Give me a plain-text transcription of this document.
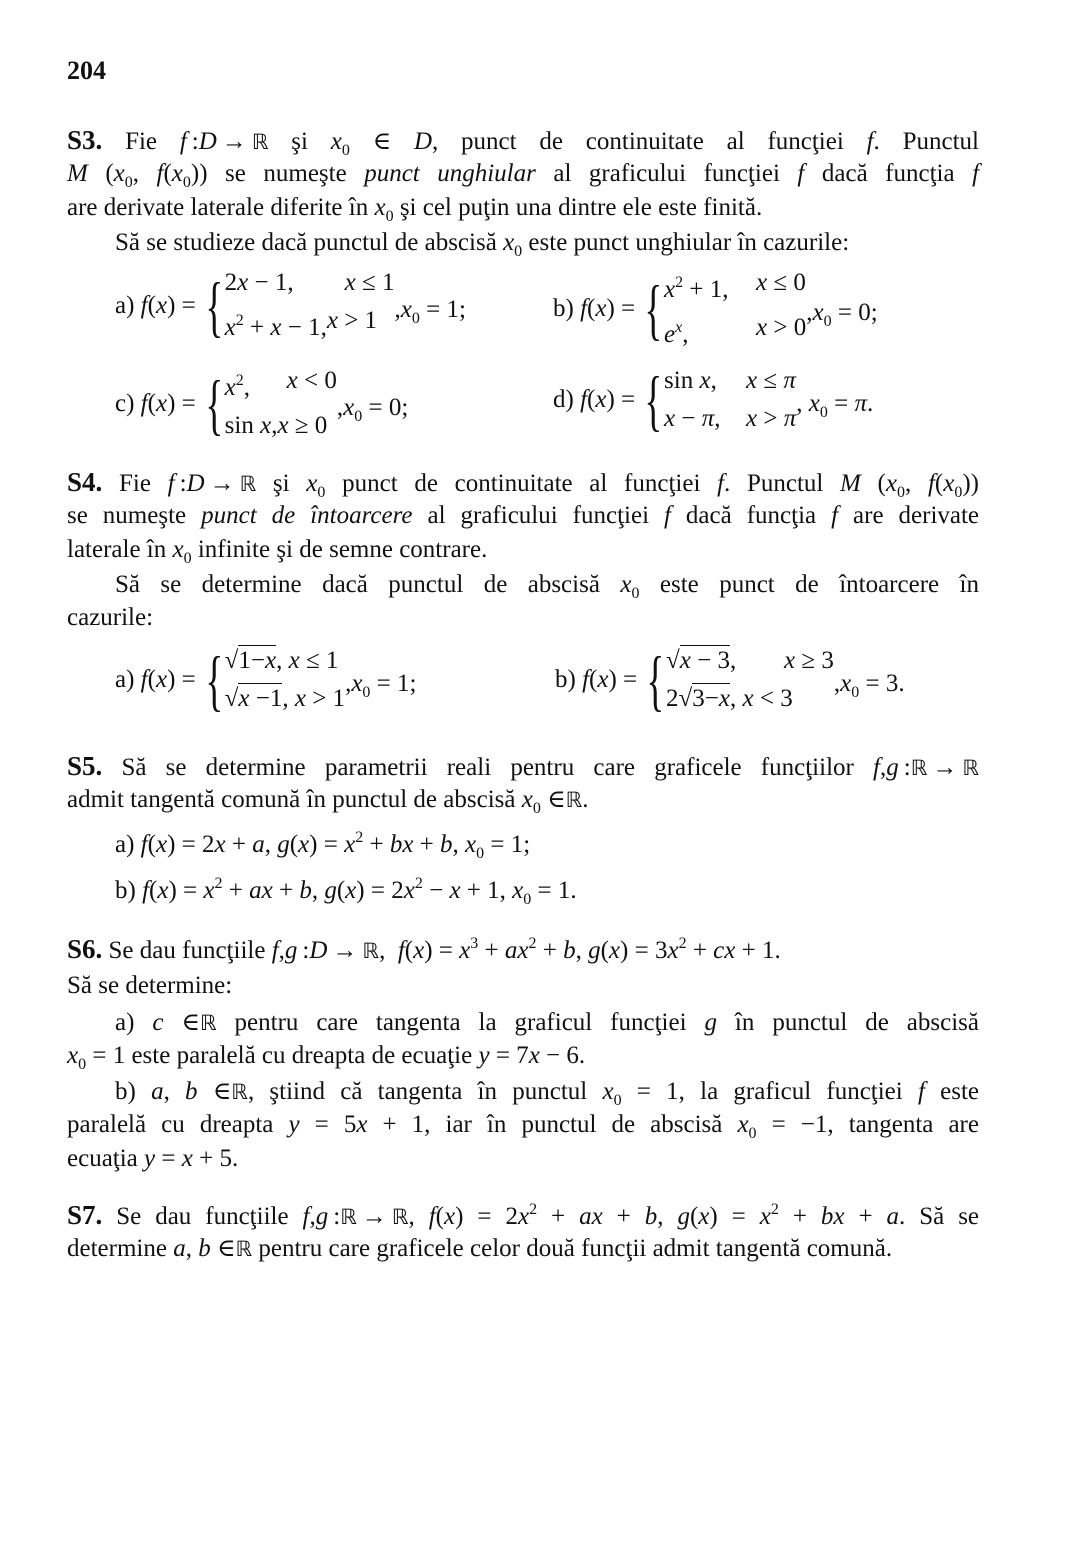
204
S3. Fie f :D → ℝ şi $x_0$ ∈ D, punct de continuitate al funcţiei f. Punctul
M ($x_0$, $f(x_0)$) se numeşte punct unghiular al graficului funcţiei f dacă funcţia f
are derivate laterale diferite în $x_0$ şi cel puţin una dintre ele este finită.
Să se studieze dacă punctul de abscisă $x_0$ este punct unghiular în cazurile:
a)
f ( x ) = { 2x − 1,	x ≤ 1
$x^2 + x - 1$, x > 1 $,x_0 = 1$;	b)
f ( x ) = { $x^2 + 1$,	x ≤ 0
$e^x$,	x > 0
$,x_0 = 0$;
c)
f ( x ) = { $x^2$,	x < 0
sin x, x ≥ 0
$,x_0 = 0$;	d)
f ( x ) = { sin x,	x ≤ π
x − π,	x > π
, $x_0 = \pi$.
S4. Fie f :D → ℝ şi $x_0$ punct de continuitate al funcţiei f. Punctul M ($x_0$, $f(x_0)$)
se numeşte punct de întoarcere al graficului funcţiei f dacă funcţia f are derivate
laterale în $x_0$ infinite şi de semne contrare.
Să se determine dacă punctul de abscisă $x_0$ este punct de întoarcere în
cazurile:
a)
f ( x ) = { √1−x, x ≤ 1
√x −1, x > 1
$,x_0 = 1$;	b)
f ( x ) = { √x − 3,	x ≥ 3
2√3−x, x < 3
$,x_0 = 3$.
S5. Să se determine parametrii reali pentru care graficele funcţiilor f,g :ℝ → ℝ
admit tangentă comună în punctul de abscisă $x_0$ ∈ℝ.
a) f(x) = 2x + a, $g(x) = x^2$ + bx + b, $x_0 = 1$;
b) $f(x) = x^2$ + ax + b, $g(x) = 2x^2 - x + 1$, $x_0 = 1$.
S6. Se dau funcţiile f,g :D → ℝ,  $f(x) = x^3 + ax^2 + b$, $g(x) = 3x^2$ + cx + 1.
Să se determine:
a) c ∈ℝ pentru care tangenta la graficul funcţiei g în punctul de abscisă
$x_0 = 1$ este paralelă cu dreapta de ecuaţie y = 7x − 6.
b) a, b ∈ℝ, ştiind că tangenta în punctul $x_0 = 1$, la graficul funcţiei f este
paralelă cu dreapta y = 5x + 1, iar în punctul de abscisă $x_0 = -1$, tangenta are
ecuaţia y = x + 5.
S7. Se dau funcţiile f,g :ℝ → ℝ, $f(x) = 2x^2$ + ax + b, $g(x) = x^2$ + bx + a. Să se
determine a, b ∈ℝ pentru care graficele celor două funcţii admit tangentă comună.
